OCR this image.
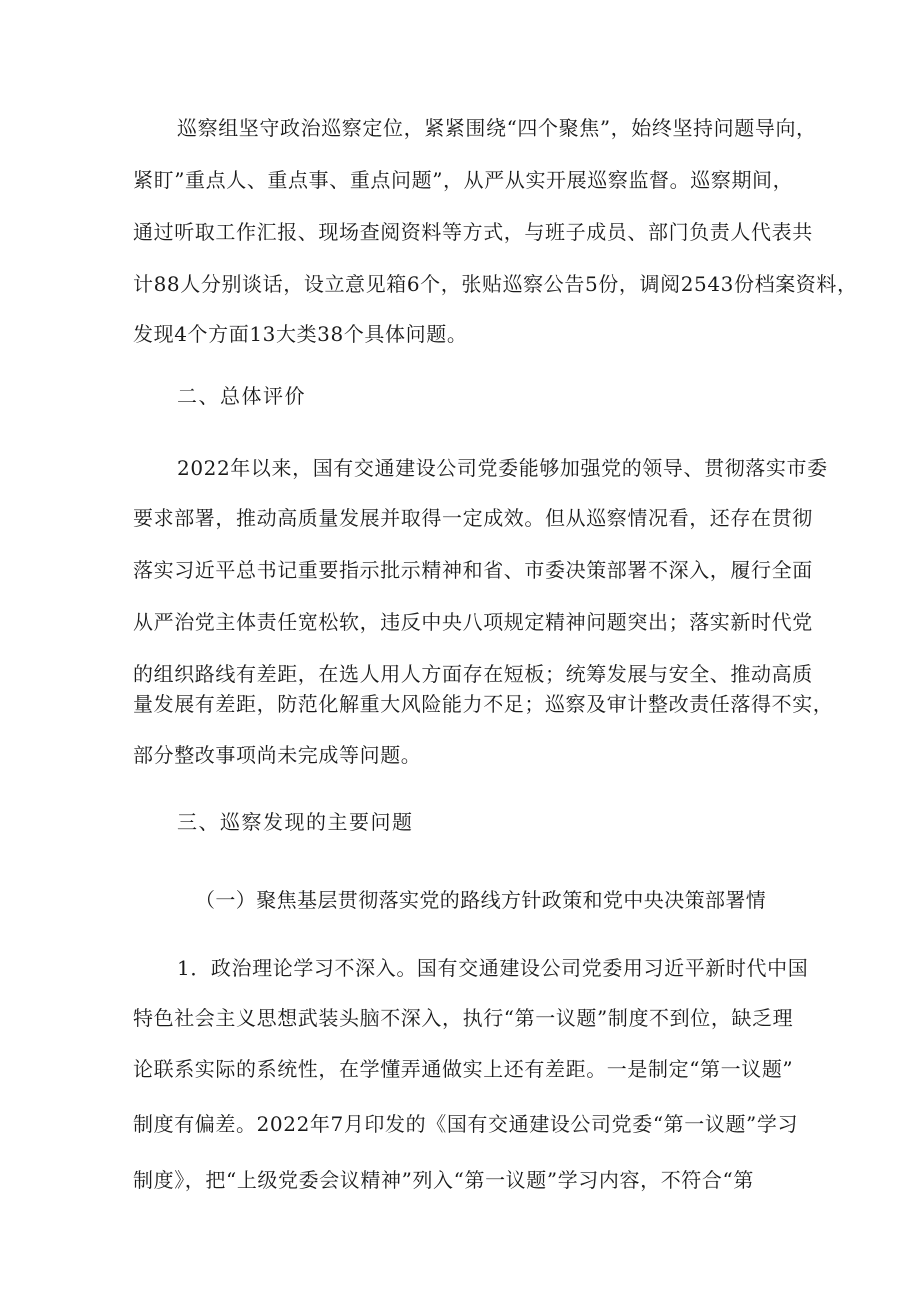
巡察组坚守政治巡察定位，紧紧围绕“四个聚焦”，始终坚持问题导向，
紧盯”重点人、重点事、重点问题”，从严从实开展巡察监督。巡察期间，
通过听取工作汇报、现场查阅资料等方式，与班子成员、部门负责人代表共
计88人分别谈话，设立意见箱6个，张贴巡察公告5份，调阅2543份档案资料，
发现4个方面13大类38个具体问题。
二、总体评价
2022年以来，国有交通建设公司党委能够加强党的领导、贯彻落实市委
要求部署，推动高质量发展并取得一定成效。但从巡察情况看，还存在贯彻
落实习近平总书记重要指示批示精神和省、市委决策部署不深入，履行全面
从严治党主体责任宽松软，违反中央八项规定精神问题突出；落实新时代党
的组织路线有差距，在选人用人方面存在短板；统筹发展与安全、推动高质
量发展有差距，防范化解重大风险能力不足；巡察及审计整改责任落得不实，
部分整改事项尚未完成等问题。
三、巡察发现的主要问题
（一）聚焦基层贯彻落实党的路线方针政策和党中央决策部署情
1．政治理论学习不深入。国有交通建设公司党委用习近平新时代中国
特色社会主义思想武装头脑不深入，执行“第一议题”制度不到位，缺乏理
论联系实际的系统性，在学懂弄通做实上还有差距。一是制定“第一议题”
制度有偏差。2022年7月印发的《国有交通建设公司党委“第一议题”学习
制度》，把“上级党委会议精神”列入“第一议题”学习内容，不符合“第
